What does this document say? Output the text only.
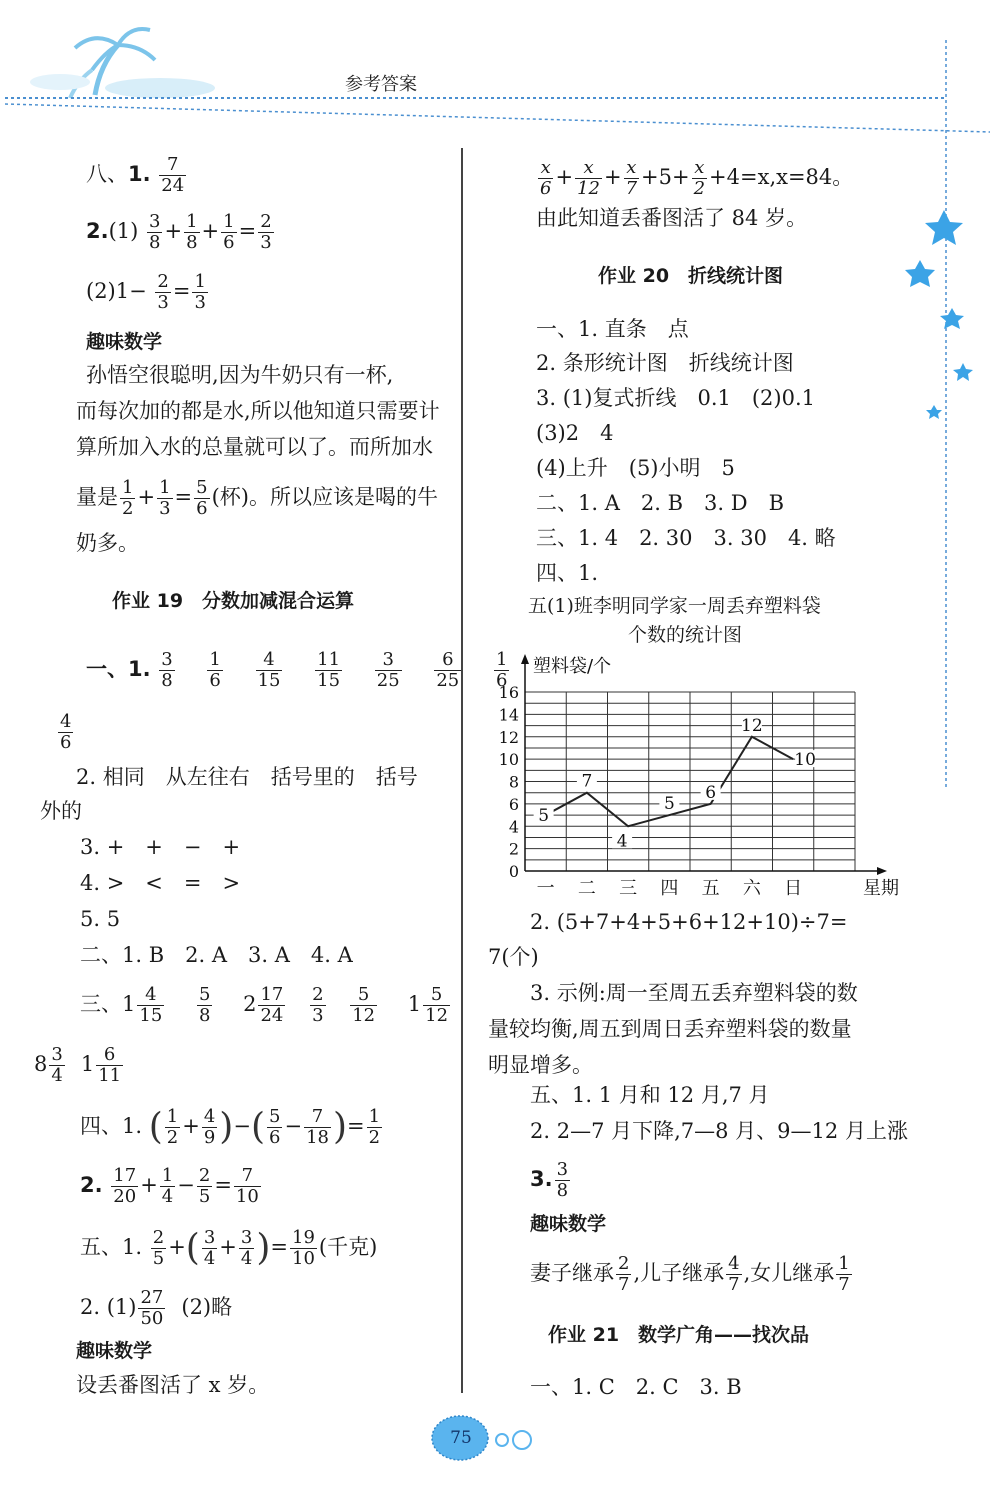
参考答案
八、1. $\frac{7}{24}$
$2.(1) \frac{3}{8} + \frac{1}{8} + \frac{1}{6} = \frac{2}{3}$
$(2)1- \frac{2}{3} = \frac{1}{3}$
趣味数学
孙悟空很聪明,因为牛奶只有一杯,
而每次加的都是水,所以他知道只需要计
算所加入水的总量就可以了。而所加水
量是 $\frac{1}{2} + \frac{1}{3} = \frac{5}{6}$ (杯)。所以应该是喝的牛
奶多。
作业 19　分数加减混合运算
一、1. $\frac{3}{8}$
$\frac{1}{6}$
$\frac{4}{15}$
$\frac{11}{15}$
$\frac{3}{25}$
$\frac{6}{25}$
$\frac{1}{6}$
$\frac{4}{6}$
2. 相同　从左往右　括号里的　括号
外的
3. +　+　−　+
4. >　<　=　>
5. 5
二、1. B　2. A　3. A　4. A
三、$1 \frac{4}{15}$
$\frac{5}{8} 2 \frac{17}{24}$
$\frac{2}{3}$
$\frac{5}{12} 1 \frac{5}{12}$
$8 \frac{3}{4} 1 \frac{6}{11}$
四、1. ( $\frac{1}{2} + \frac{4}{9}$ )−( $\frac{5}{6} - \frac{7}{18}$ )= $\frac{1}{2}$
2. $\frac{17}{20} + \frac{1}{4} - \frac{2}{5} = \frac{7}{10}$
五、1. $\frac{2}{5}$ +( $\frac{3}{4} + \frac{3}{4}$ )= $\frac{19}{10}$ (千克)
2. $(1) \frac{27}{50} (2)$略
趣味数学
设丢番图活了 x 岁。
$\frac{x}{6} + \frac{x}{12} + \frac{x}{7} +5+ \frac{x}{2} +4=x,x=84$。
由此知道丢番图活了 84 岁。
作业 20　折线统计图
一、1. 直条　点
2. 条形统计图　折线统计图
3. (1)复式折线　0.1　(2)0.1
(3)2　4
(4)上升　(5)小明　5
二、1. A　2. B　3. D　B
三、1. 4　2. 30　3. 30　4. 略
四、1.
五(1)班李明同学家一周丢弃塑料袋
个数的统计图
0
2
4
6
8
10
12
14
16
一 二 三 四 五 六 日
塑料袋/个
星期
5
7
4
5
6
12
10
2. (5+7+4+5+6+12+10)÷7=
7(个)
3. 示例:周一至周五丢弃塑料袋的数
量较均衡,周五到周日丢弃塑料袋的数量
明显增多。
五、1. 1 月和 12 月,7 月
2. 2—7 月下降,7—8 月、9—12 月上涨
3. $\frac{3}{8}$
趣味数学
妻子继承 $\frac{2}{7}$ ,儿子继承 $\frac{4}{7}$ ,女儿继承 $\frac{1}{7}$
作业 21　数学广角——找次品
一、1. C　2. C　3. B
75
